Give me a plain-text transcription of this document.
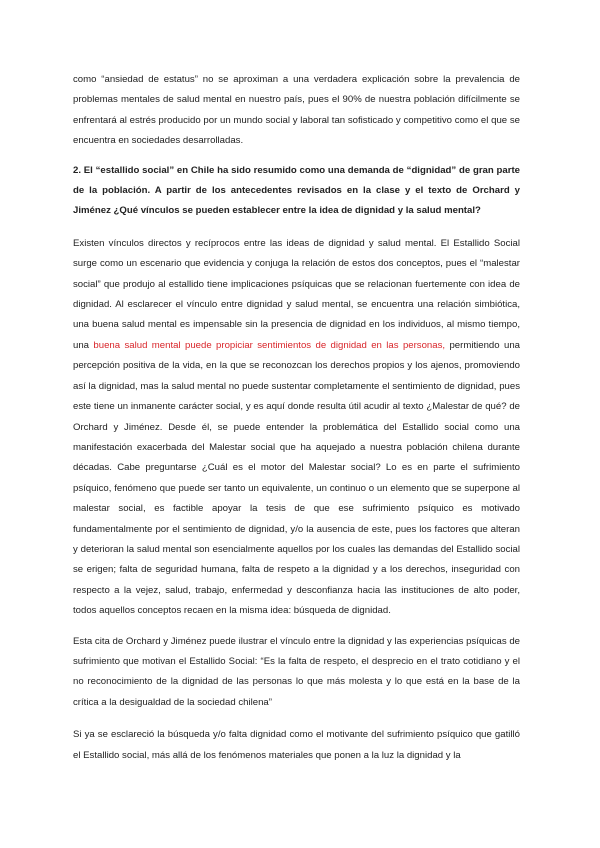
como “ansiedad de estatus” no se aproximan a una verdadera explicación sobre la prevalencia de problemas mentales de salud mental en nuestro país, pues el 90% de nuestra población difícilmente se enfrentará al estrés producido por un mundo social y laboral tan sofisticado y competitivo como el que se encuentra en sociedades desarrolladas.

2. El “estallido social” en Chile ha sido resumido como una demanda de “dignidad” de gran parte de la población. A partir de los antecedentes revisados en la clase y el texto de Orchard y Jiménez ¿Qué vínculos se pueden establecer entre la idea de dignidad y la salud mental?

Existen vínculos directos y recíprocos entre las ideas de dignidad y salud mental. El Estallido Social surge como un escenario que evidencia y conjuga la relación de estos dos conceptos, pues el “malestar social” que produjo al estallido tiene implicaciones psíquicas que se relacionan fuertemente con idea de dignidad. Al esclarecer el vínculo entre dignidad y salud mental, se encuentra una relación simbiótica, una buena salud mental es impensable sin la presencia de dignidad en los individuos, al mismo tiempo, una buena salud mental puede propiciar sentimientos de dignidad en las personas, permitiendo una percepción positiva de la vida, en la que se reconozcan los derechos propios y los ajenos, promoviendo así la dignidad, mas la salud mental no puede sustentar completamente el sentimiento de dignidad, pues este tiene un inmanente carácter social, y es aquí donde resulta útil acudir al texto ¿Malestar de qué? de Orchard y Jiménez. Desde él, se puede entender la problemática del Estallido social como una manifestación exacerbada del Malestar social que ha aquejado a nuestra población chilena durante décadas. Cabe preguntarse ¿Cuál es el motor del Malestar social? Lo es en parte el sufrimiento psíquico, fenómeno que puede ser tanto un equivalente, un continuo o un elemento que se superpone al malestar social, es factible apoyar la tesis de que ese sufrimiento psíquico es motivado fundamentalmente por el sentimiento de dignidad, y/o la ausencia de este, pues los factores que alteran y deterioran la salud mental son esencialmente aquellos por los cuales las demandas del Estallido social se erigen; falta de seguridad humana, falta de respeto a la dignidad y a los derechos, inseguridad con respecto a la vejez, salud, trabajo, enfermedad y desconfianza hacia las instituciones de alto poder, todos aquellos conceptos recaen en la misma idea: búsqueda de dignidad.

Esta cita de Orchard y Jiménez puede ilustrar el vínculo entre la dignidad y las experiencias psíquicas de sufrimiento que motivan el Estallido Social: “Es la falta de respeto, el desprecio en el trato cotidiano y el no reconocimiento de la dignidad de las personas lo que más molesta y lo que está en la base de la crítica a la desigualdad de la sociedad chilena”

Si ya se esclareció la búsqueda y/o falta dignidad como el motivante del sufrimiento psíquico que gatilló el Estallido social, más allá de los fenómenos materiales que ponen a la luz la dignidad y la
